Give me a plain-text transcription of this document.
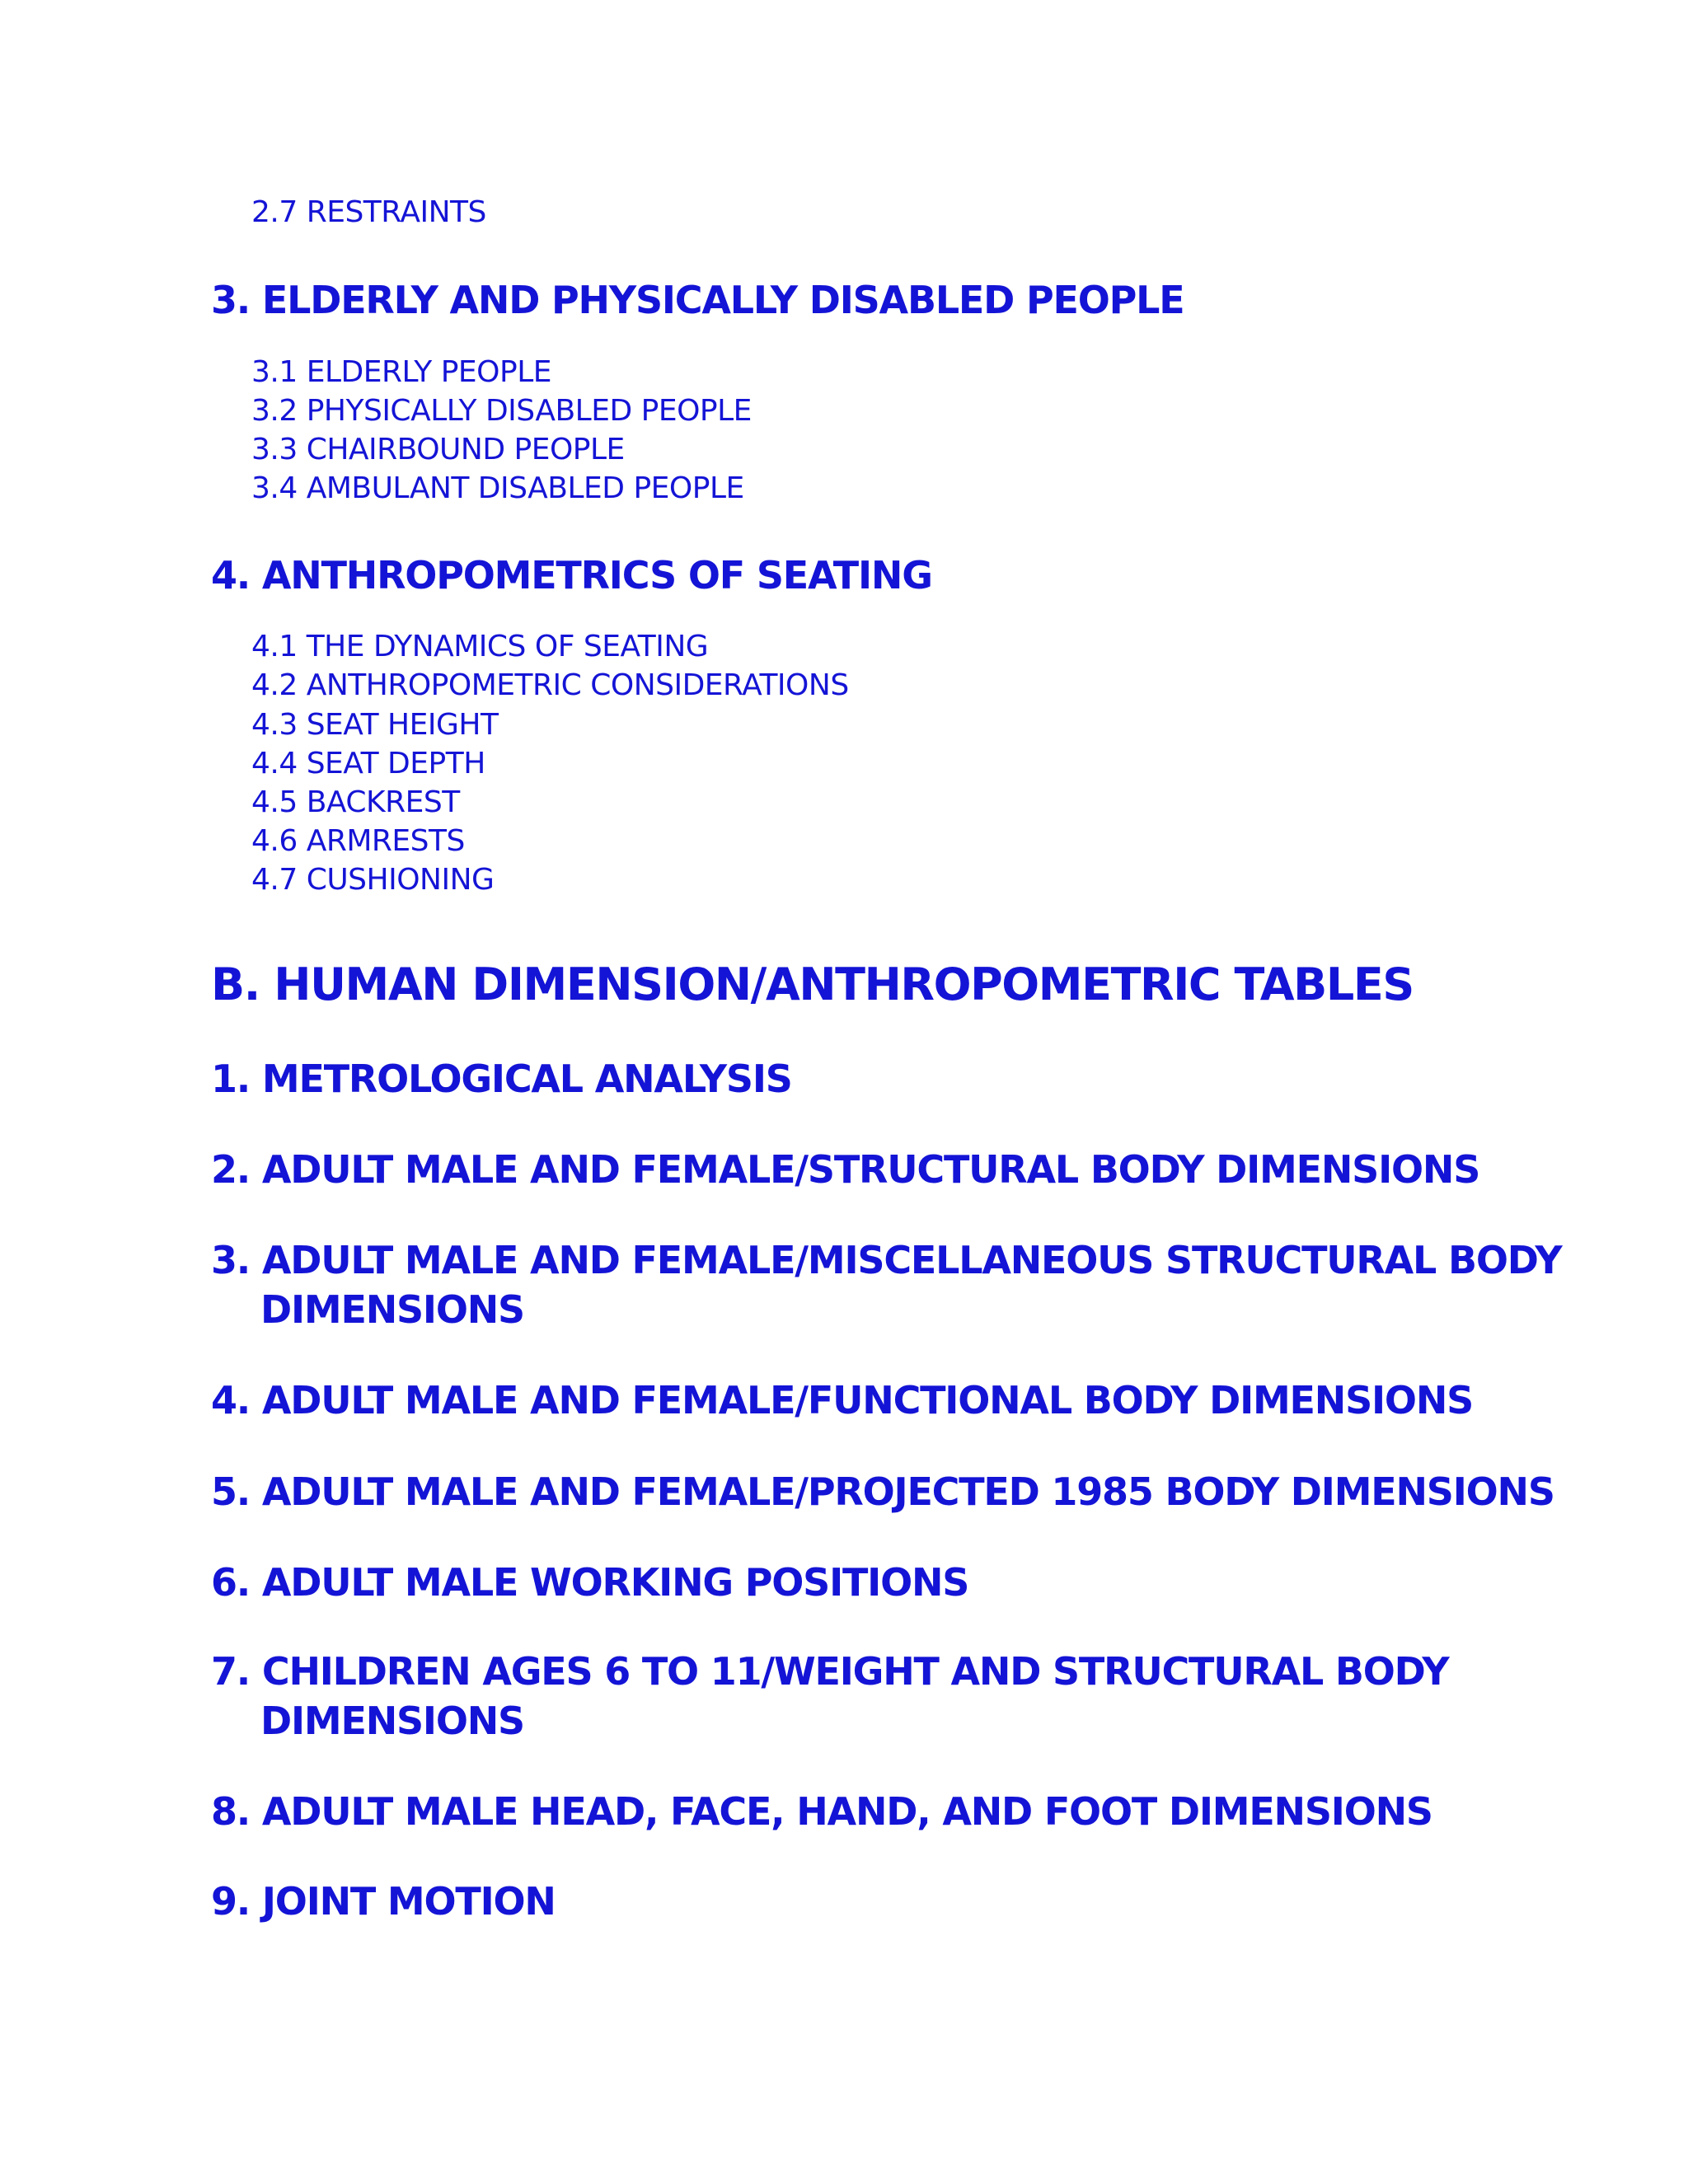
2.7 RESTRAINTS
3. ELDERLY AND PHYSICALLY DISABLED PEOPLE
3.1 ELDERLY PEOPLE
3.2 PHYSICALLY DISABLED PEOPLE
3.3 CHAIRBOUND PEOPLE
3.4 AMBULANT DISABLED PEOPLE
4. ANTHROPOMETRICS OF SEATING
4.1 THE DYNAMICS OF SEATING
4.2 ANTHROPOMETRIC CONSIDERATIONS
4.3 SEAT HEIGHT
4.4 SEAT DEPTH
4.5 BACKREST
4.6 ARMRESTS
4.7 CUSHIONING
B. HUMAN DIMENSION/ANTHROPOMETRIC TABLES
1. METROLOGICAL ANALYSIS
2. ADULT MALE AND FEMALE/STRUCTURAL BODY DIMENSIONS
3. ADULT MALE AND FEMALE/MISCELLANEOUS STRUCTURAL BODY
DIMENSIONS
4. ADULT MALE AND FEMALE/FUNCTIONAL BODY DIMENSIONS
5. ADULT MALE AND FEMALE/PROJECTED 1985 BODY DIMENSIONS
6. ADULT MALE WORKING POSITIONS
7. CHILDREN AGES 6 TO 11/WEIGHT AND STRUCTURAL BODY
DIMENSIONS
8. ADULT MALE HEAD, FACE, HAND, AND FOOT DIMENSIONS
9. JOINT MOTION
